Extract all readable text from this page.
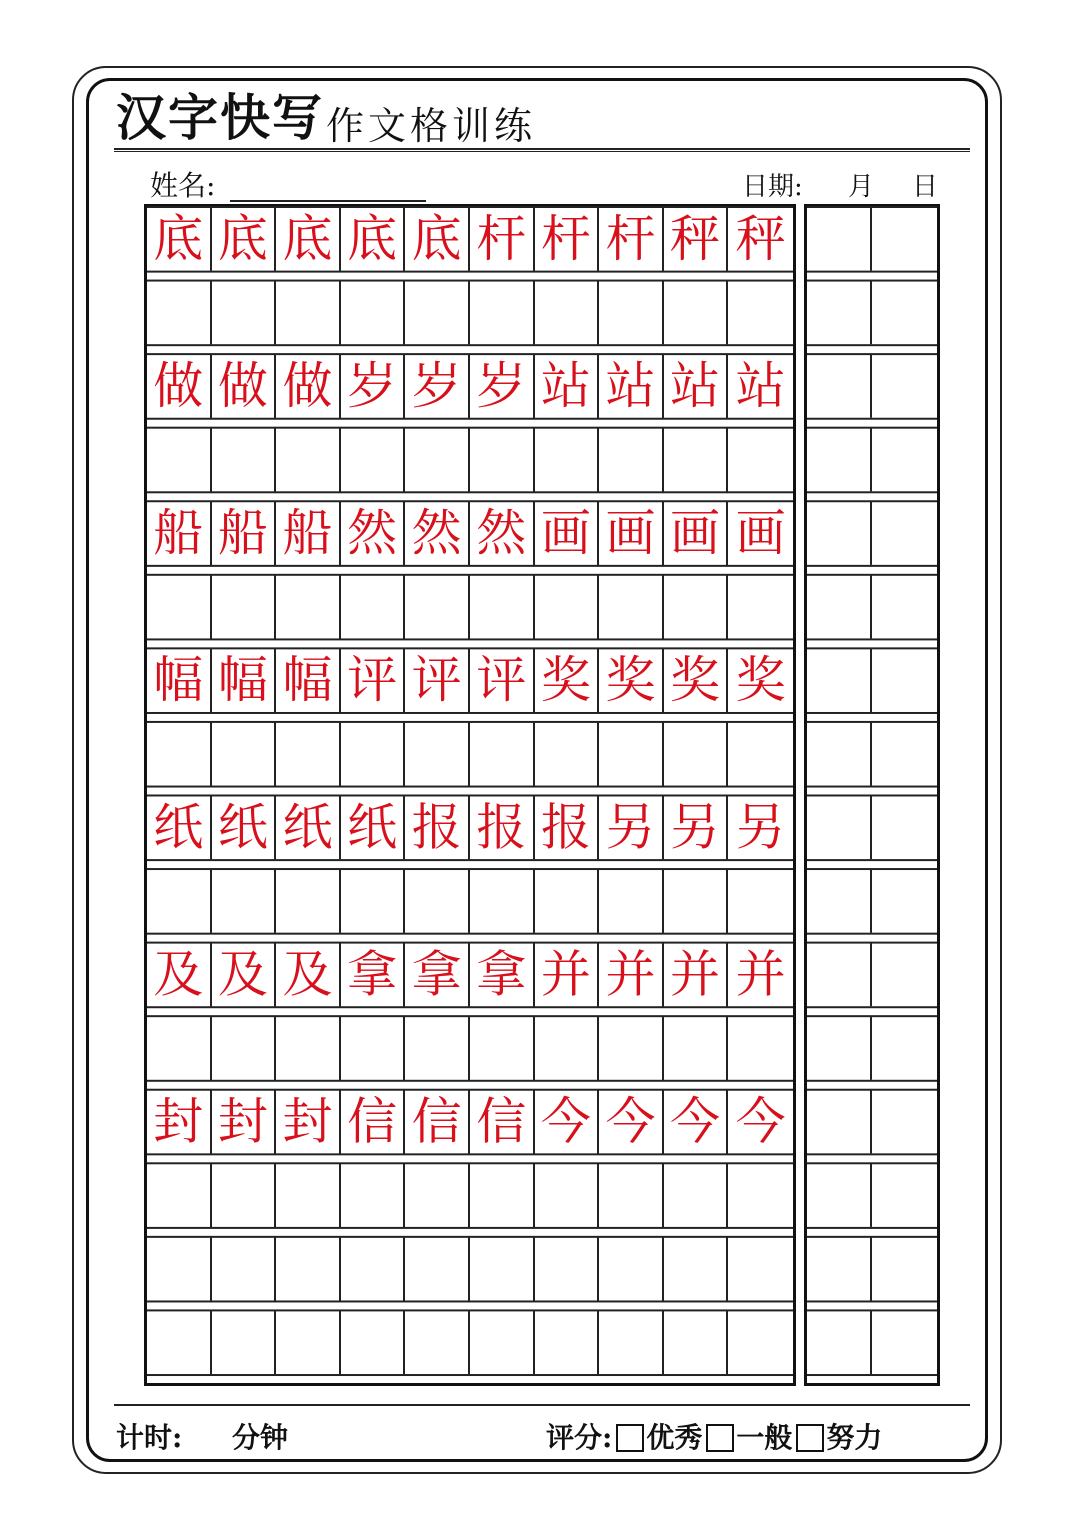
汉字快写 作文格训练
姓名:	日期: 月 日
底 底 底 底 底 杆 杆 杆 秤 秤
做 做 做 岁 岁 岁 站 站 站 站
船 船 船 然 然 然 画 画 画 画
幅 幅 幅 评 评 评 奖 奖 奖 奖
纸 纸 纸 纸 报 报 报 另 另 另
及 及 及 拿 拿 拿 并 并 并 并
封 封 封 信 信 信 今 今 今 今
计时: 分钟	评分: 优秀 一般 努力
